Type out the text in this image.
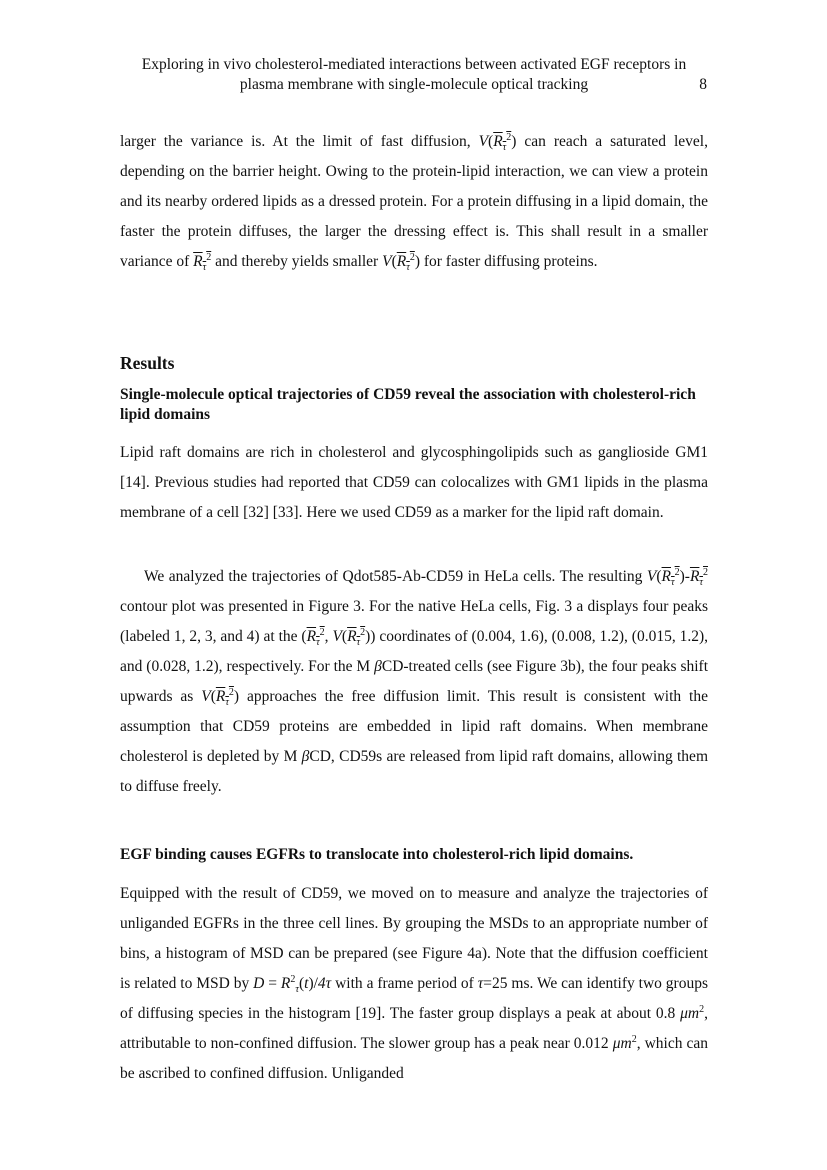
Exploring in vivo cholesterol-mediated interactions between activated EGF receptors in
plasma membrane with single-molecule optical tracking	8

larger the variance is. At the limit of fast diffusion, $V(R_\tau^2)$ can reach a saturated level, depending on the barrier height. Owing to the protein-lipid interaction, we can view a protein and its nearby ordered lipids as a dressed protein. For a protein diffusing in a lipid domain, the faster the protein diffuses, the larger the dressing effect is. This shall result in a smaller variance of $R_\tau^2$ and thereby yields smaller $V(R_\tau^2)$ for faster diffusing proteins.

Results

Single-molecule optical trajectories of CD59 reveal the association with cholesterol-rich lipid domains

Lipid raft domains are rich in cholesterol and glycosphingolipids such as ganglioside GM1 [14]. Previous studies had reported that CD59 can colocalizes with GM1 lipids in the plasma membrane of a cell [32] [33]. Here we used CD59 as a marker for the lipid raft domain.

We analyzed the trajectories of Qdot585-Ab-CD59 in HeLa cells. The resulting $V(R_\tau^2)-R_\tau^2$ contour plot was presented in Figure 3. For the native HeLa cells, Fig. 3 a displays four peaks (labeled 1, 2, 3, and 4) at the ($R_\tau^2$, $V(R_\tau^2)$) coordinates of (0.004, 1.6), (0.008, 1.2), (0.015, 1.2), and (0.028, 1.2), respectively. For the M βCD-treated cells (see Figure 3b), the four peaks shift upwards as $V(R_\tau^2)$ approaches the free diffusion limit. This result is consistent with the assumption that CD59 proteins are embedded in lipid raft domains. When membrane cholesterol is depleted by M βCD, CD59s are released from lipid raft domains, allowing them to diffuse freely.

EGF binding causes EGFRs to translocate into cholesterol-rich lipid domains.

Equipped with the result of CD59, we moved on to measure and analyze the trajectories of unliganded EGFRs in the three cell lines. By grouping the MSDs to an appropriate number of bins, a histogram of MSD can be prepared (see Figure 4a). Note that the diffusion coefficient is related to MSD by $D = R^2_\tau(t)/4\tau$ with a frame period of τ=25 ms. We can identify two groups of diffusing species in the histogram [19]. The faster group displays a peak at about 0.8 $\mu m^2$, attributable to non-confined diffusion. The slower group has a peak near 0.012 $\mu m^2$, which can be ascribed to confined diffusion. Unliganded
